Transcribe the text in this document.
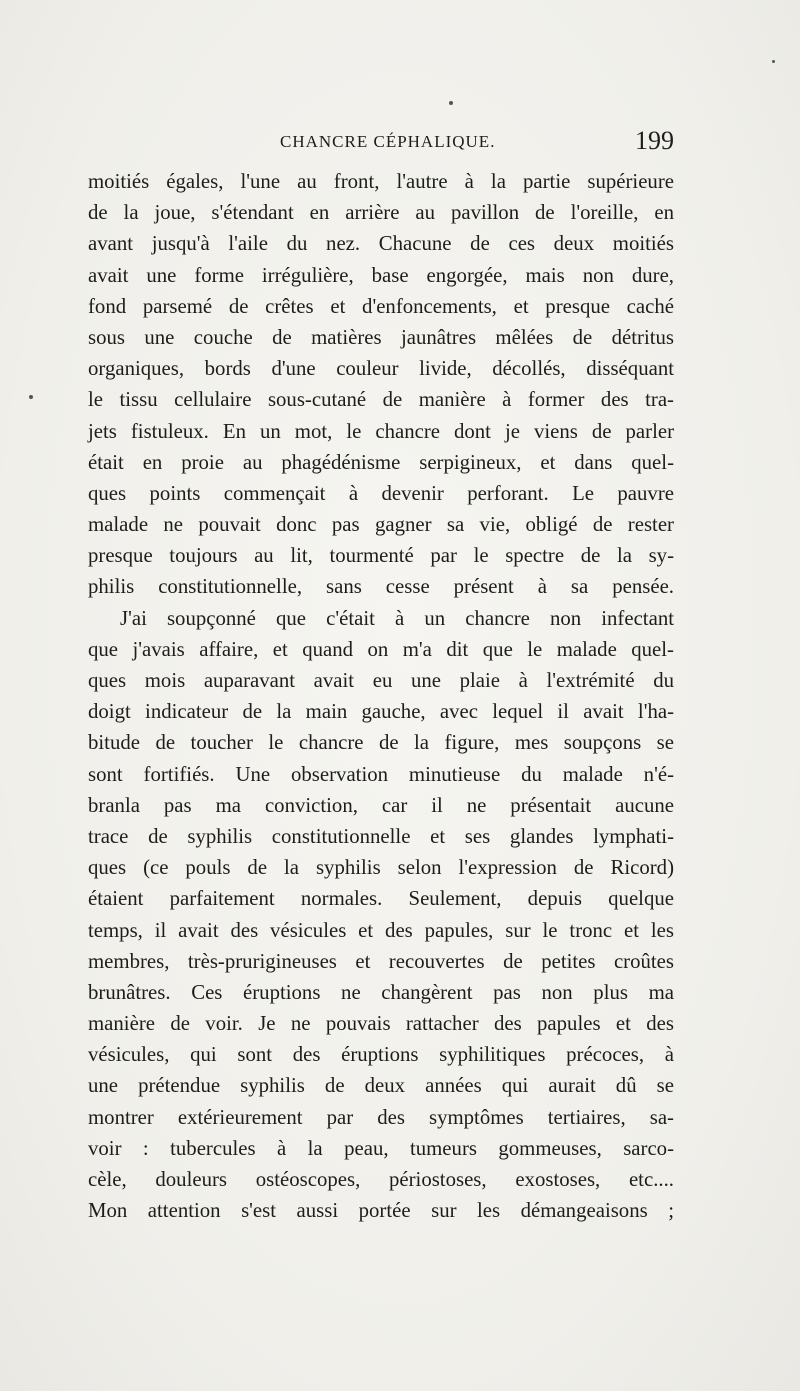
CHANCRE CÉPHALIQUE.	199
moitiés égales, l'une au front, l'autre à la partie supérieure
de la joue, s'étendant en arrière au pavillon de l'oreille, en
avant jusqu'à l'aile du nez. Chacune de ces deux moitiés
avait une forme irrégulière, base engorgée, mais non dure,
fond parsemé de crêtes et d'enfoncements, et presque caché
sous une couche de matières jaunâtres mêlées de détritus
organiques, bords d'une couleur livide, décollés, disséquant
le tissu cellulaire sous-cutané de manière à former des tra-
jets fistuleux. En un mot, le chancre dont je viens de parler
était en proie au phagédénisme serpigineux, et dans quel-
ques points commençait à devenir perforant. Le pauvre
malade ne pouvait donc pas gagner sa vie, obligé de rester
presque toujours au lit, tourmenté par le spectre de la sy-
philis constitutionnelle, sans cesse présent à sa pensée.
J'ai soupçonné que c'était à un chancre non infectant
que j'avais affaire, et quand on m'a dit que le malade quel-
ques mois auparavant avait eu une plaie à l'extrémité du
doigt indicateur de la main gauche, avec lequel il avait l'ha-
bitude de toucher le chancre de la figure, mes soupçons se
sont fortifiés. Une observation minutieuse du malade n'é-
branla pas ma conviction, car il ne présentait aucune
trace de syphilis constitutionnelle et ses glandes lymphati-
ques (ce pouls de la syphilis selon l'expression de Ricord)
étaient parfaitement normales. Seulement, depuis quelque
temps, il avait des vésicules et des papules, sur le tronc et les
membres, très-prurigineuses et recouvertes de petites croûtes
brunâtres. Ces éruptions ne changèrent pas non plus ma
manière de voir. Je ne pouvais rattacher des papules et des
vésicules, qui sont des éruptions syphilitiques précoces, à
une prétendue syphilis de deux années qui aurait dû se
montrer extérieurement par des symptômes tertiaires, sa-
voir : tubercules à la peau, tumeurs gommeuses, sarco-
cèle, douleurs ostéoscopes, périostoses, exostoses, etc....
Mon attention s'est aussi portée sur les démangeaisons ;
